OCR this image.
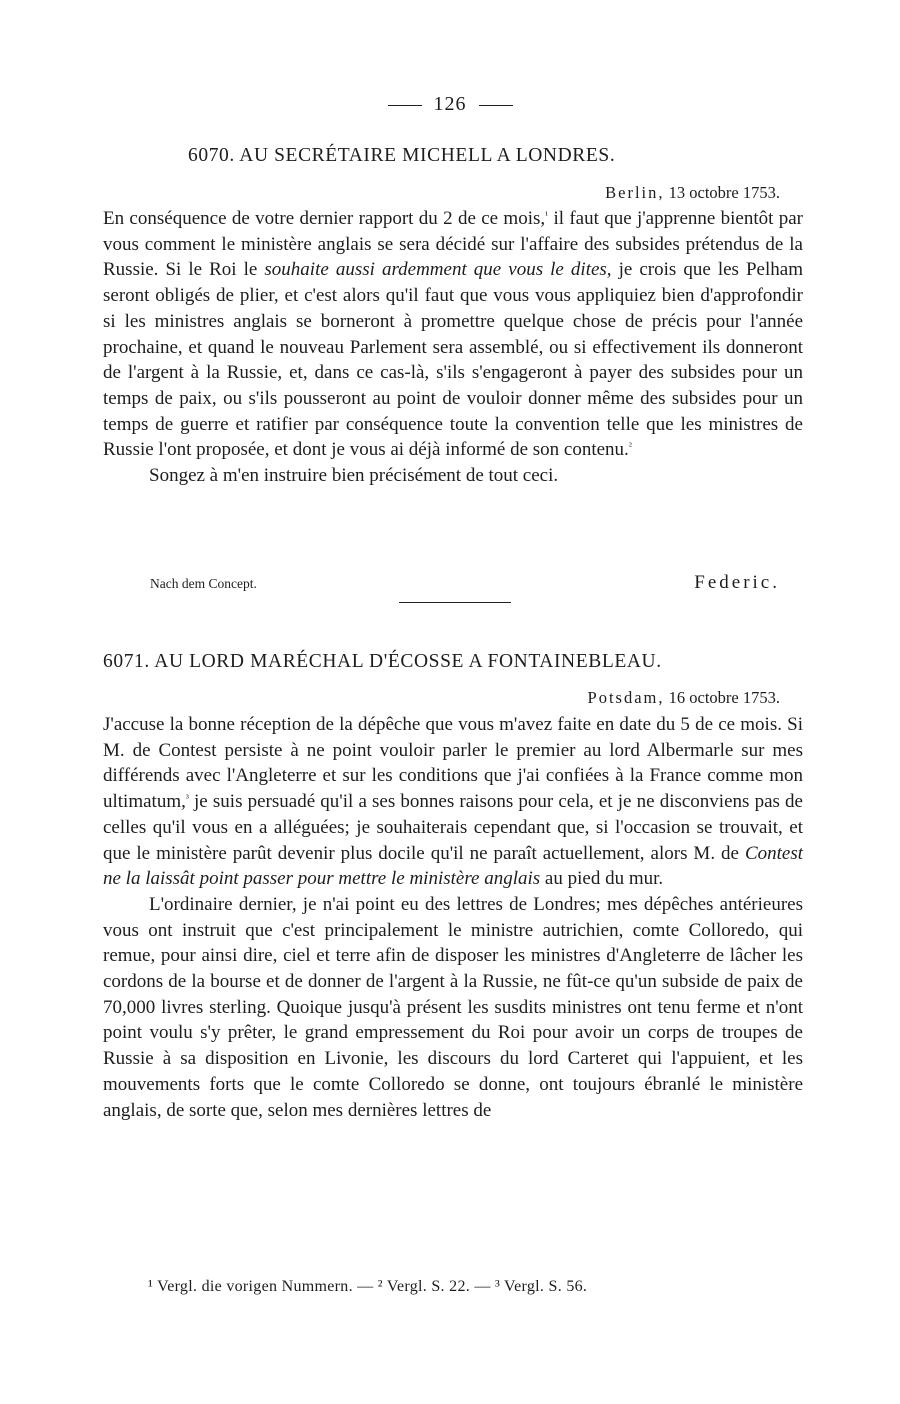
126
6070. AU SECRÉTAIRE MICHELL A LONDRES.
Berlin, 13 octobre 1753.

En conséquence de votre dernier rapport du 2 de ce mois,$^{^1}$ il faut que j'apprenne bientôt par vous comment le ministère anglais se sera décidé sur l'affaire des subsides prétendus de la Russie. Si le Roi le souhaite aussi ardemment que vous le dites, je crois que les Pelham seront obligés de plier, et c'est alors qu'il faut que vous vous appliquiez bien d'approfondir si les ministres anglais se borneront à promettre quelque chose de précis pour l'année prochaine, et quand le nouveau Parlement sera assemblé, ou si effectivement ils donneront de l'argent à la Russie, et, dans ce cas-là, s'ils s'engageront à payer des subsides pour un temps de paix, ou s'ils pousseront au point de vouloir donner même des subsides pour un temps de guerre et ratifier par conséquence toute la convention telle que les ministres de Russie l'ont proposée, et dont je vous ai déjà informé de son contenu.$^{^2}$

Songez à m'en instruire bien précisément de tout ceci.

Nach dem Concept.	Federic.
6071. AU LORD MARÉCHAL D'ÉCOSSE A FONTAINEBLEAU.
Potsdam, 16 octobre 1753.

J'accuse la bonne réception de la dépêche que vous m'avez faite en date du 5 de ce mois. Si M. de Contest persiste à ne point vouloir parler le premier au lord Albermarle sur mes différends avec l'Angleterre et sur les conditions que j'ai confiées à la France comme mon ultimatum,$^{^3}$ je suis persuadé qu'il a ses bonnes raisons pour cela, et je ne disconviens pas de celles qu'il vous en a alléguées; je souhaiterais cependant que, si l'occasion se trouvait, et que le ministère parût devenir plus docile qu'il ne paraît actuellement, alors M. de Contest ne la laissât point passer pour mettre le ministère anglais au pied du mur.

L'ordinaire dernier, je n'ai point eu des lettres de Londres; mes dépêches antérieures vous ont instruit que c'est principalement le ministre autrichien, comte Colloredo, qui remue, pour ainsi dire, ciel et terre afin de disposer les ministres d'Angleterre de lâcher les cordons de la bourse et de donner de l'argent à la Russie, ne fût-ce qu'un subside de paix de 70,000 livres sterling. Quoique jusqu'à présent les susdits ministres ont tenu ferme et n'ont point voulu s'y prêter, le grand empressement du Roi pour avoir un corps de troupes de Russie à sa disposition en Livonie, les discours du lord Carteret qui l'appuient, et les mouvements forts que le comte Colloredo se donne, ont toujours ébranlé le ministère anglais, de sorte que, selon mes dernières lettres de

¹ Vergl. die vorigen Nummern. — ² Vergl. S. 22. — ³ Vergl. S. 56.
